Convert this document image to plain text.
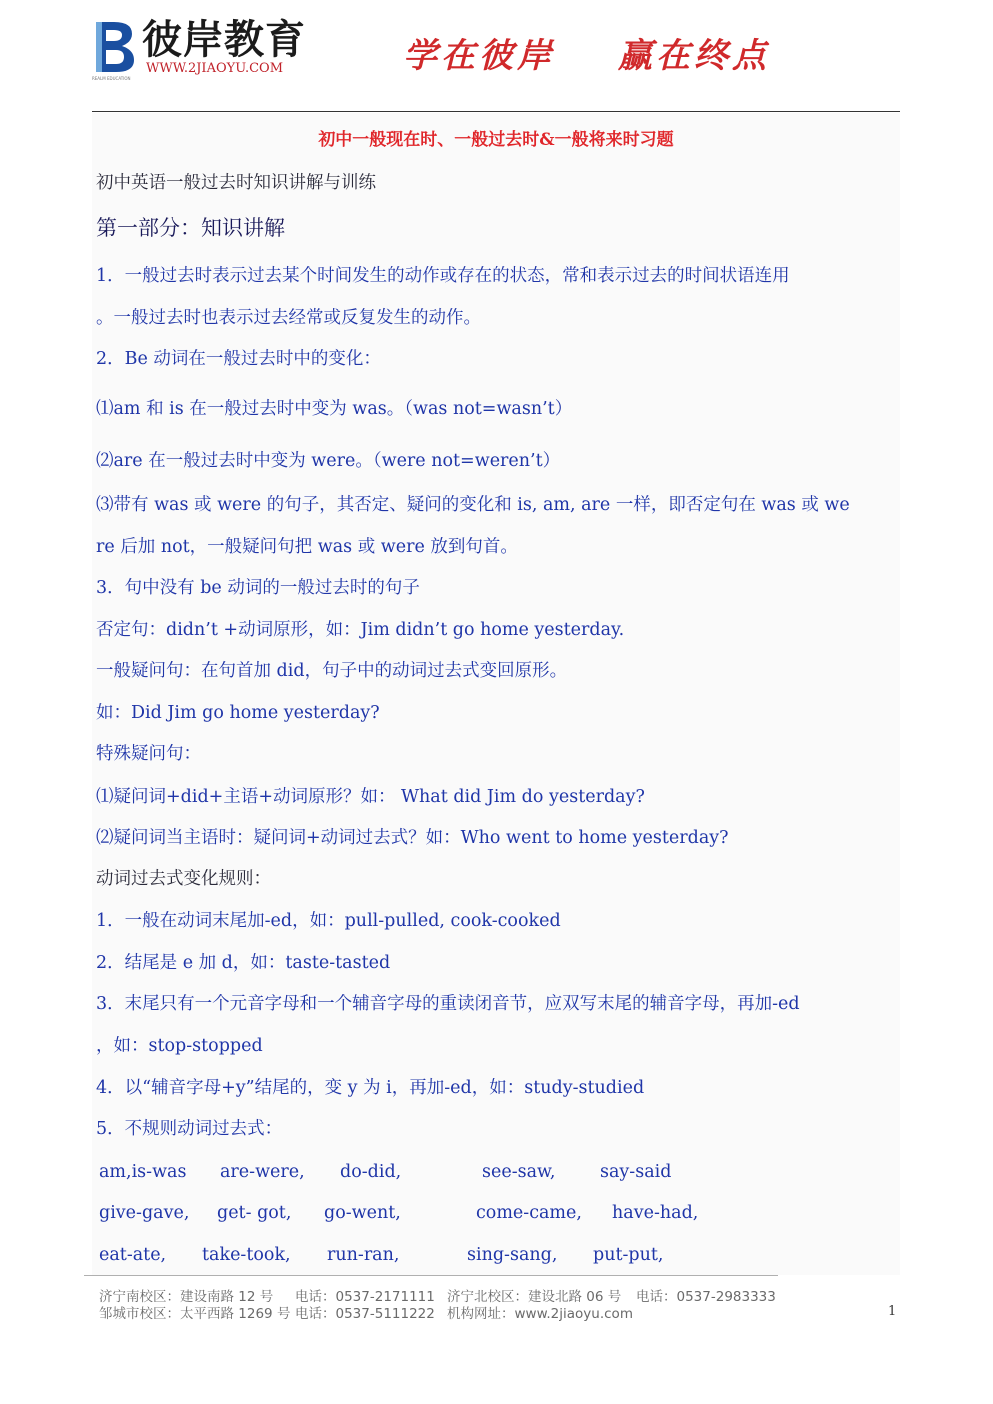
彼岸教育
WWW.2JIAOYU.COM
REALM EDUCATION
学在彼岸 赢在终点
初中一般现在时、一般过去时&一般将来时习题
初中英语一般过去时知识讲解与训练
第一部分：知识讲解
1．一般过去时表示过去某个时间发生的动作或存在的状态，常和表示过去的时间状语连用
。一般过去时也表示过去经常或反复发生的动作。
2．Be 动词在一般过去时中的变化：
⑴am 和 is 在一般过去时中变为 was。（was not=wasn’t）
⑵are 在一般过去时中变为 were。（were not=weren’t）
⑶带有 was 或 were 的句子，其否定、疑问的变化和 is, am, are 一样，即否定句在 was 或 we
re 后加 not，一般疑问句把 was 或 were 放到句首。
3．句中没有 be 动词的一般过去时的句子
否定句：didn’t +动词原形，如：Jim didn’t go home yesterday.
一般疑问句：在句首加 did，句子中的动词过去式变回原形。
如：Did Jim go home yesterday?
特殊疑问句：
⑴疑问词+did+主语+动词原形？如： What did Jim do yesterday?
⑵疑问词当主语时：疑问词+动词过去式？如：Who went to home yesterday?
动词过去式变化规则：
1．一般在动词末尾加-ed，如：pull-pulled, cook-cooked
2．结尾是 e 加 d，如：taste-tasted
3．末尾只有一个元音字母和一个辅音字母的重读闭音节，应双写末尾的辅音字母，再加-ed
，如：stop-stopped
4．以“辅音字母+y”结尾的，变 y 为 i，再加-ed，如：study-studied
5．不规则动词过去式：
am,is-was are-were, do-did,	see-saw,	say-said
give-gave, get- got, go-went,	come-came, have-had,
eat-ate, take-took, run-ran,	sing-sang, put-put,
济宁南校区：建设南路 12 号 电话：0537-2171111 济宁北校区：建设北路 06 号 电话：0537-2983333
邹城市校区：太平西路 1269 号 电话：0537-5111222 机构网址：www.2jiaoyu.com	1
